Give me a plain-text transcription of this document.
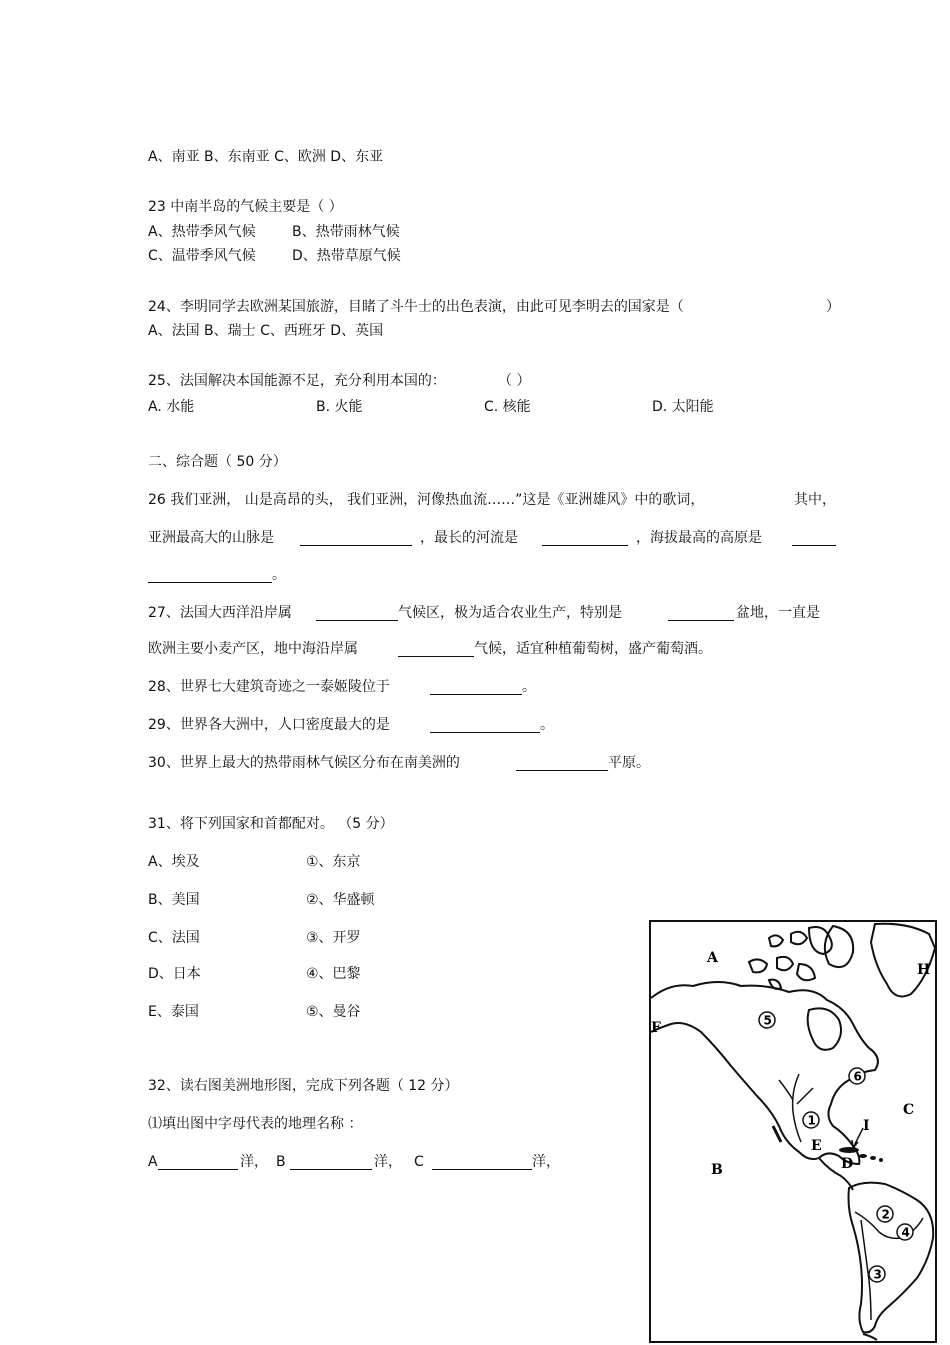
A、南亚 B、东南亚 C、欧洲 D、东亚
23 中南半岛的气候主要是（ ）
A、热带季风气候	B、热带雨林气候
C、温带季风气候	D、热带草原气候
24、李明同学去欧洲某国旅游，目睹了斗牛士的出色表演，由此可见李明去的国家是（	）
A、法国 B、瑞士 C、西班牙 D、英国
25、法国解决本国能源不足，充分利用本国的：	（ ）
A. 水能	B. 火能	C. 核能	D. 太阳能
二、综合题（ 50 分）
26 我们亚洲， 山是高昂的头， 我们亚洲，河像热血流……”这是《亚洲雄风》中的歌词，	其中，
亚洲最高大的山脉是	，最长的河流是	，海拔最高的高原是
。
27、法国大西洋沿岸属	气候区，极为适合农业生产，特别是	盆地，一直是
欧洲主要小麦产区，地中海沿岸属	气候，适宜种植葡萄树，盛产葡萄酒。
28、世界七大建筑奇迹之一泰姬陵位于	。
29、世界各大洲中，人口密度最大的是	。
30、世界上最大的热带雨林气候区分布在南美洲的	平原。
31、将下列国家和首都配对。 （5 分）
A、埃及	①、东京
B、美国	②、华盛顿
C、法国	③、开罗
D、日本	④、巴黎
E、泰国	⑤、曼谷
32、读右图美洲地形图，完成下列各题（ 12 分）
⑴填出图中字母代表的地理名称 ：
A	洋， B	洋， C	洋，
A
H
F
C
I
E
D
B
5
6
1
2
4
3
